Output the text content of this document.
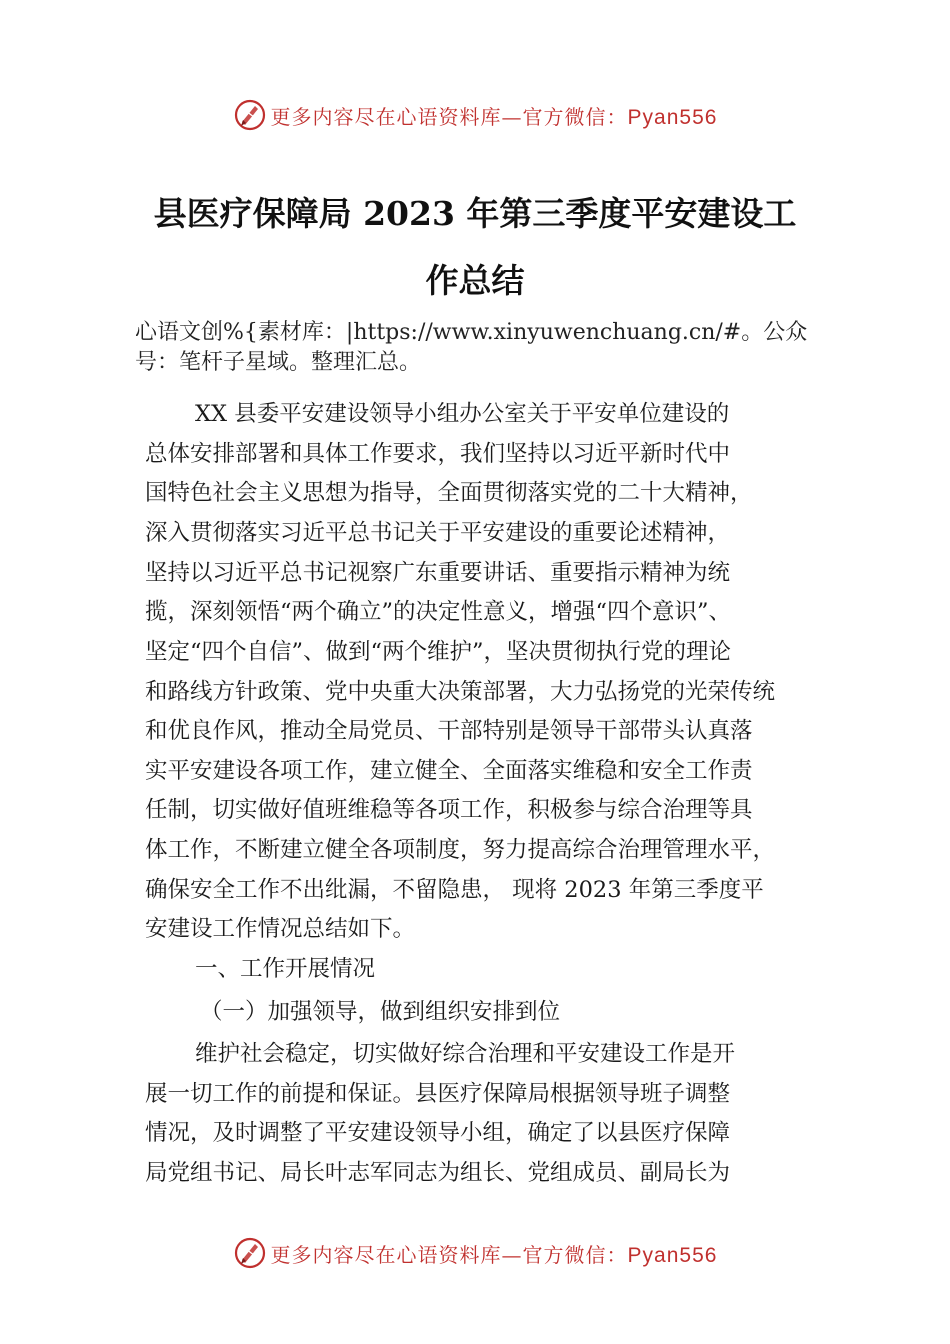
更多内容尽在心语资料库—官方微信：Pyan556
县医疗保障局 2023 年第三季度平安建设工
作总结

心语文创%{素材库：|https://www.xinyuwenchuang.cn/#。公众号：笔杆子星域。整理汇总。

XX 县委平安建设领导小组办公室关于平安单位建设的

总体安排部署和具体工作要求，我们坚持以习近平新时代中

国特色社会主义思想为指导，全面贯彻落实党的二十大精神，

深入贯彻落实习近平总书记关于平安建设的重要论述精神，

坚持以习近平总书记视察广东重要讲话、重要指示精神为统

揽，深刻领悟“两个确立”的决定性意义，增强“四个意识”、

坚定“四个自信”、做到“两个维护”，坚决贯彻执行党的理论

和路线方针政策、党中央重大决策部署，大力弘扬党的光荣传统

和优良作风，推动全局党员、干部特别是领导干部带头认真落

实平安建设各项工作，建立健全、全面落实维稳和安全工作责

任制，切实做好值班维稳等各项工作，积极参与综合治理等具

体工作，不断建立健全各项制度，努力提高综合治理管理水平，

确保安全工作不出纰漏，不留隐患， 现将 2023 年第三季度平

安建设工作情况总结如下。

一、工作开展情况

（一）加强领导，做到组织安排到位

维护社会稳定，切实做好综合治理和平安建设工作是开

展一切工作的前提和保证。县医疗保障局根据领导班子调整

情况，及时调整了平安建设领导小组，确定了以县医疗保障

局党组书记、局长叶志军同志为组长、党组成员、副局长为

更多内容尽在心语资料库—官方微信：Pyan556
